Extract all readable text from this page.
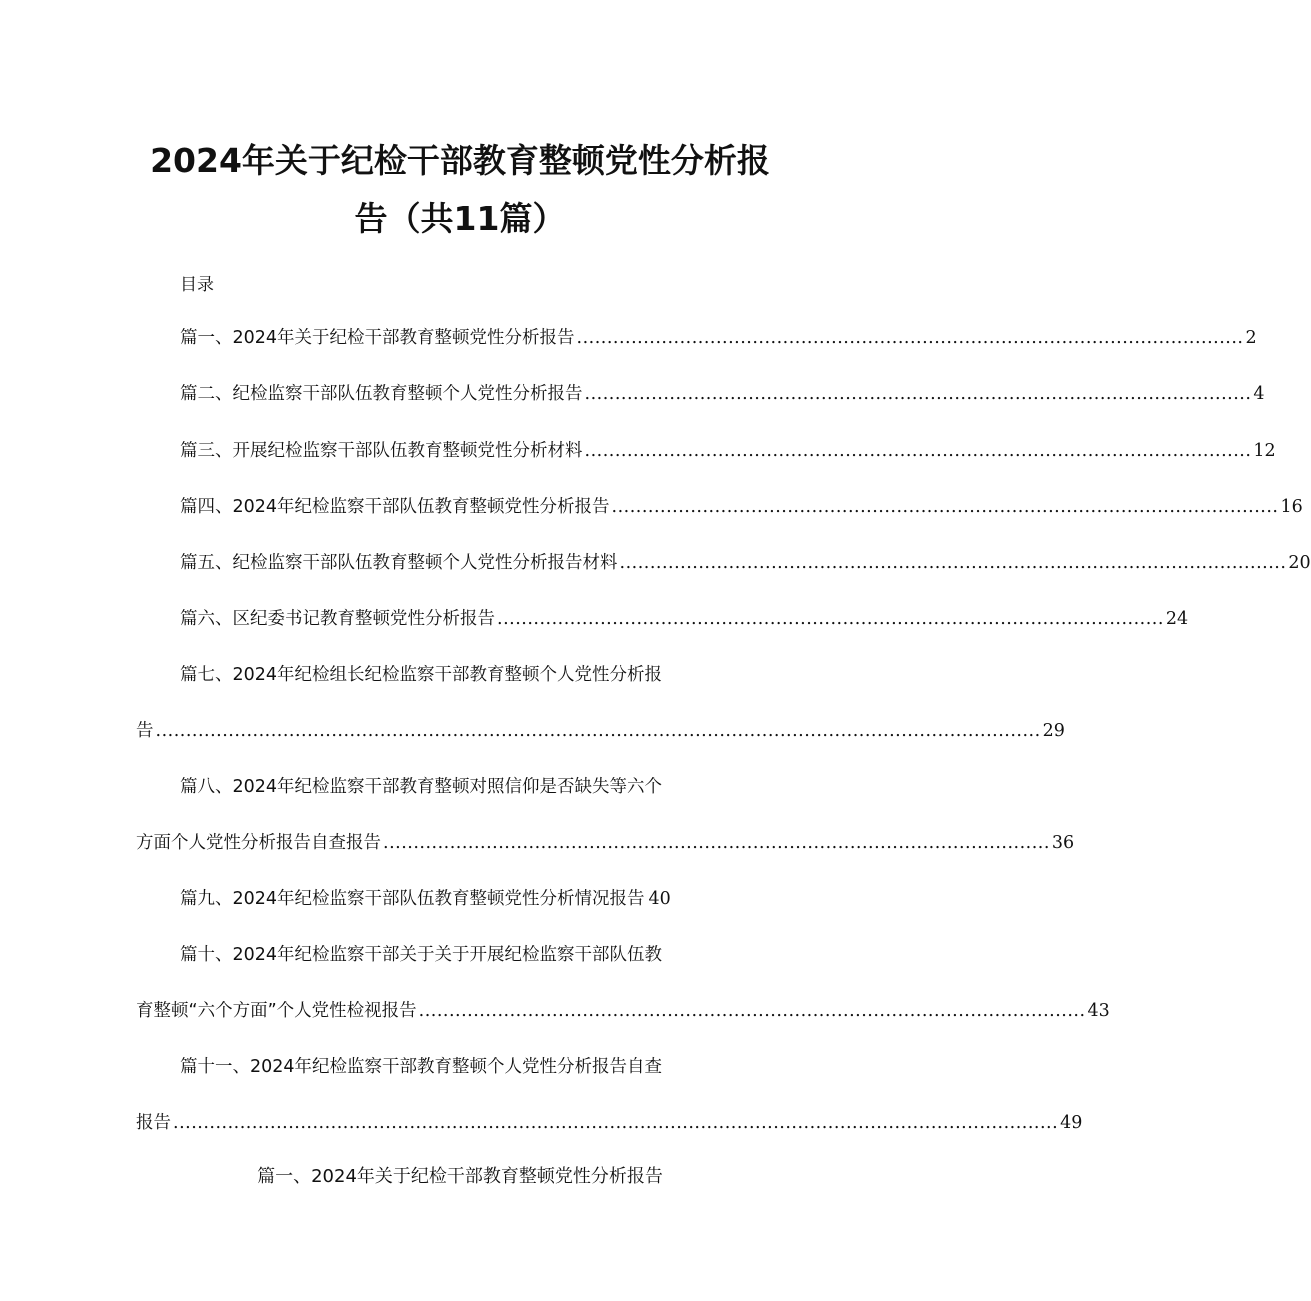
2024年关于纪检干部教育整顿党性分析报
告（共11篇）
目录
篇一、2024年关于纪检干部教育整顿党性分析报告 .............................................................................................................. 2
篇二、纪检监察干部队伍教育整顿个人党性分析报告 .............................................................................................................. 4
篇三、开展纪检监察干部队伍教育整顿党性分析材料 .............................................................................................................. 12
篇四、2024年纪检监察干部队伍教育整顿党性分析报告 .............................................................................................................. 16
篇五、纪检监察干部队伍教育整顿个人党性分析报告材料 .............................................................................................................. 20
篇六、区纪委书记教育整顿党性分析报告 .............................................................................................................. 24
篇七、2024年纪检组长纪检监察干部教育整顿个人党性分析报
告 .................................................................................................................................................. 29
篇八、2024年纪检监察干部教育整顿对照信仰是否缺失等六个
方面个人党性分析报告自查报告 .............................................................................................................. 36
篇九、2024年纪检监察干部队伍教育整顿党性分析情况报告 40
篇十、2024年纪检监察干部关于关于开展纪检监察干部队伍教
育整顿“六个方面”个人党性检视报告 .............................................................................................................. 43
篇十一、2024年纪检监察干部教育整顿个人党性分析报告自查
报告 .................................................................................................................................................. 49
篇一、2024年关于纪检干部教育整顿党性分析报告
